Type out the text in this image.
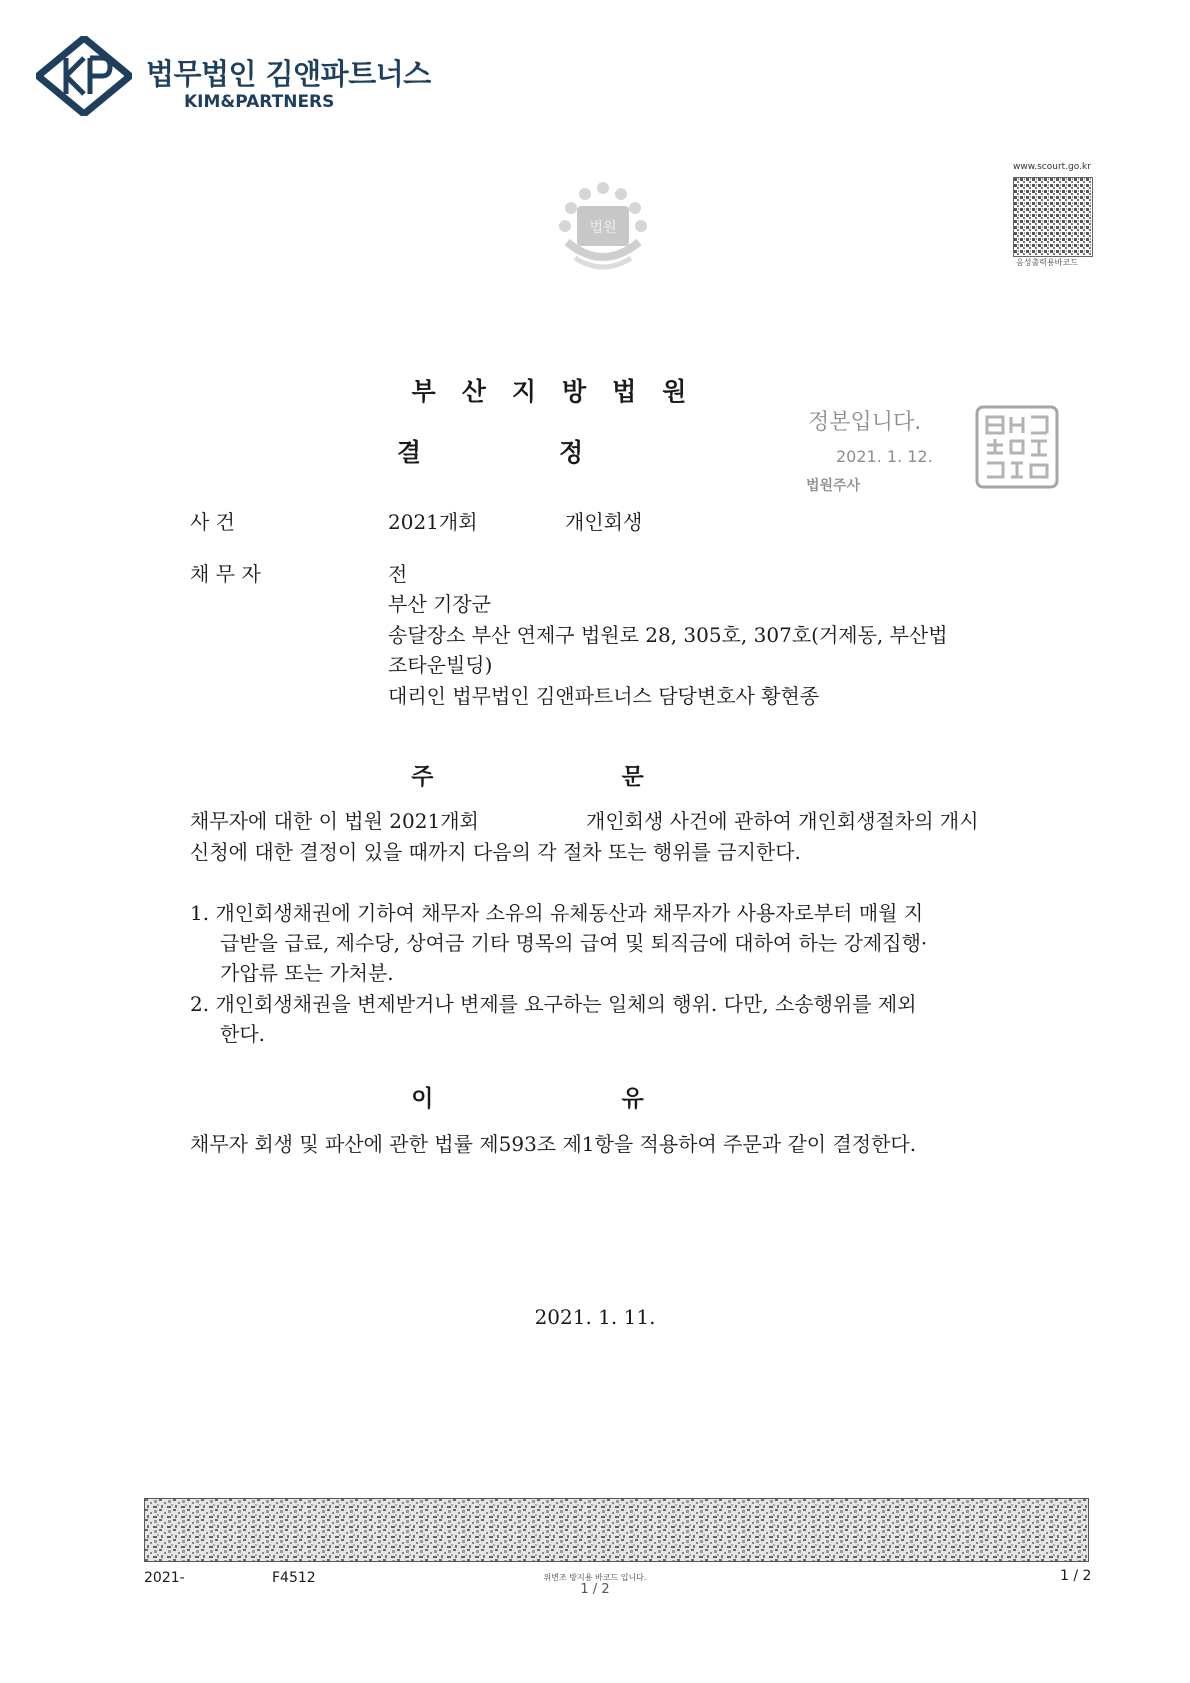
법무법인 김앤파트너스
KIM&PARTNERS
법원
www.scourt.go.kr
음성출력용바코드
부산지방법원
결정
정본입니다.
2021. 1. 12.
법원주사
사 건	2021개회	개인회생
채 무 자	전
부산 기장군
송달장소 부산 연제구 법원로 28, 305호, 307호(거제동, 부산법
조타운빌딩)
대리인 법무법인 김앤파트너스 담당변호사 황현종
주 문
채무자에 대한 이 법원 2021개회	개인회생 사건에 관하여 개인회생절차의 개시
신청에 대한 결정이 있을 때까지 다음의 각 절차 또는 행위를 금지한다.
1. 개인회생채권에 기하여 채무자 소유의 유체동산과 채무자가 사용자로부터 매월 지
급받을 급료, 제수당, 상여금 기타 명목의 급여 및 퇴직금에 대하여 하는 강제집행·
가압류 또는 가처분.
2. 개인회생채권을 변제받거나 변제를 요구하는 일체의 행위. 다만, 소송행위를 제외
한다.
이 유
채무자 회생 및 파산에 관한 법률 제593조 제1항을 적용하여 주문과 같이 결정한다.
2021. 1. 11.
2021-	F4512	위변조 방지용 바코드 입니다.
1 / 2
1 / 2
